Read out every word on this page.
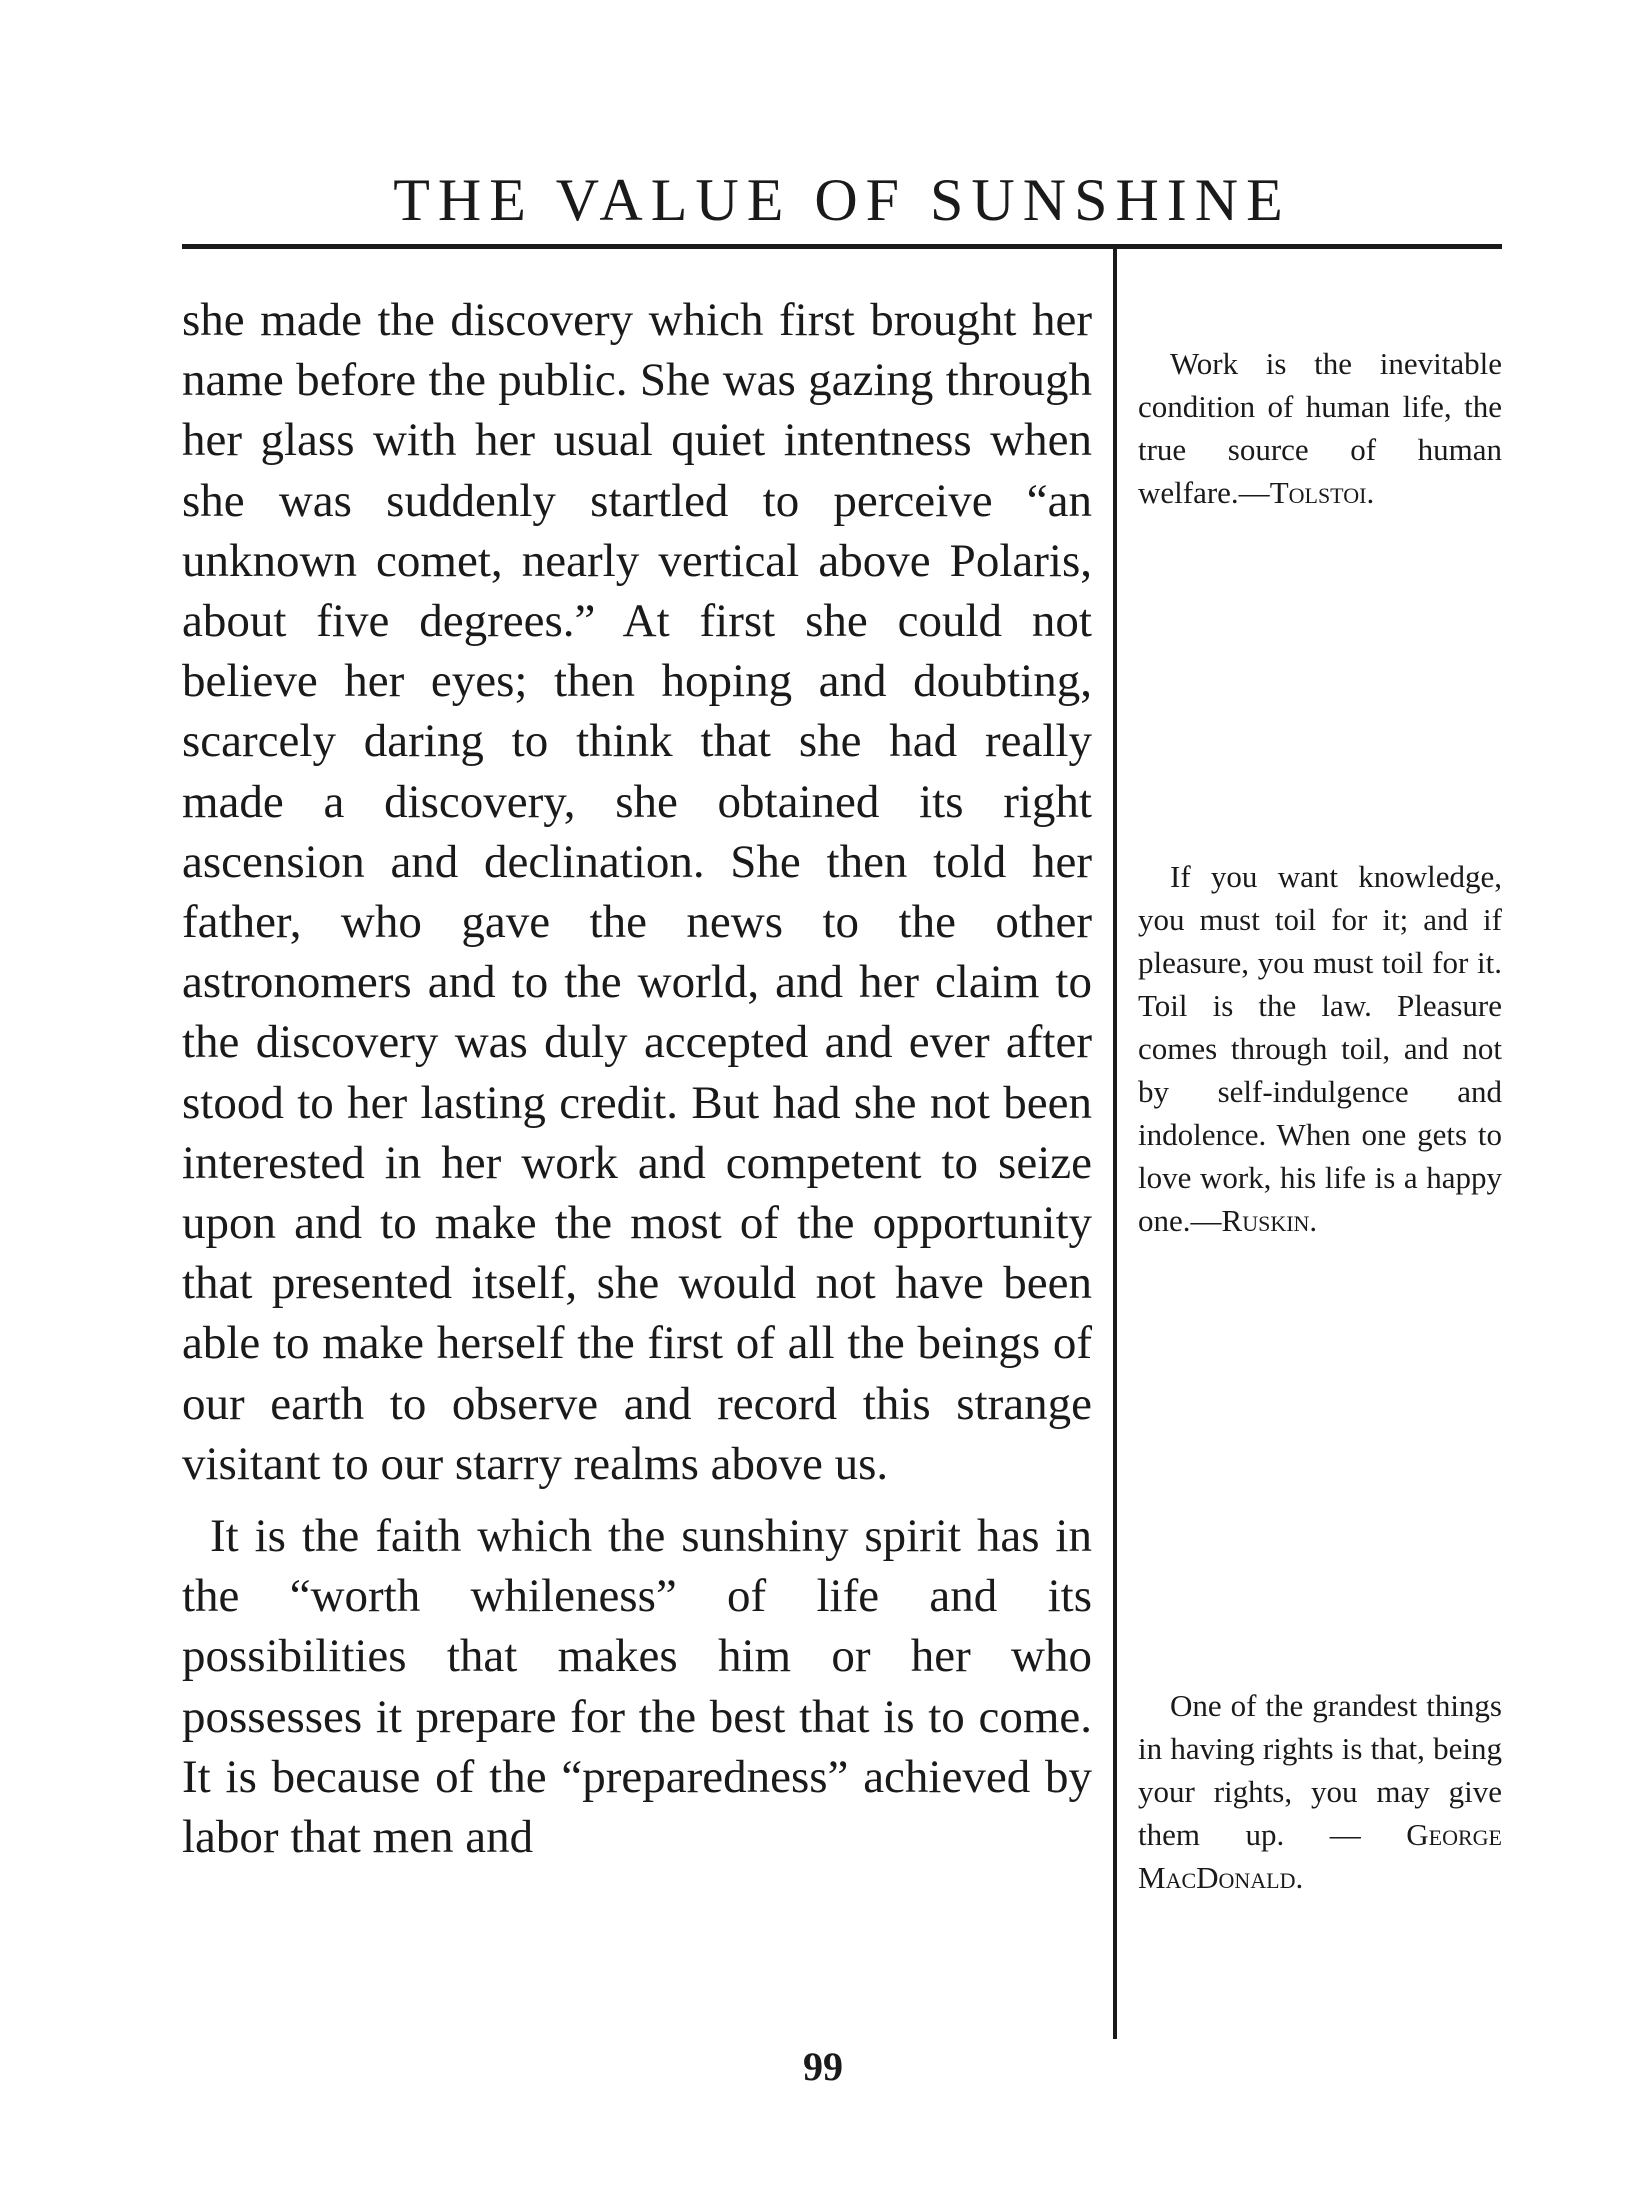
THE VALUE OF SUNSHINE

she made the discovery which first brought her name before the public. She was gazing through her glass with her usual quiet intentness when she was suddenly startled to perceive “an unknown comet, nearly vertical above Polaris, about five degrees.” At first she could not believe her eyes; then hoping and doubting, scarcely daring to think that she had really made a discovery, she obtained its right ascension and declination. She then told her father, who gave the news to the other astronomers and to the world, and her claim to the discovery was duly accepted and ever after stood to her lasting credit. But had she not been interested in her work and competent to seize upon and to make the most of the opportunity that presented itself, she would not have been able to make herself the first of all the beings of our earth to observe and record this strange visitant to our starry realms above us.

It is the faith which the sunshiny spirit has in the “worth whileness” of life and its possibilities that makes him or her who possesses it prepare for the best that is to come. It is because of the “preparedness” achieved by labor that men and

Work is the inevitable condition of human life, the true source of human welfare.—Tolstoi.

If you want knowledge, you must toil for it; and if pleasure, you must toil for it. Toil is the law. Pleasure comes through toil, and not by self-indulgence and indolence. When one gets to love work, his life is a happy one.—Ruskin.

One of the grandest things in having rights is that, being your rights, you may give them up. — George MacDonald.

99
